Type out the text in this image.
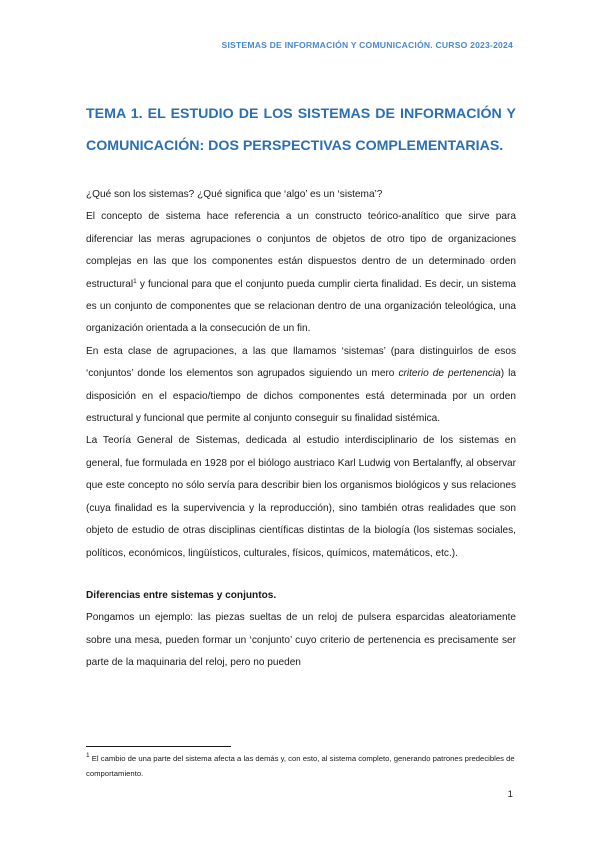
SISTEMAS DE INFORMACIÓN Y COMUNICACIÓN. CURSO 2023-2024
TEMA 1. EL ESTUDIO DE LOS SISTEMAS DE INFORMACIÓN Y COMUNICACIÓN: DOS PERSPECTIVAS COMPLEMENTARIAS.

¿Qué son los sistemas? ¿Qué significa que ‘algo’ es un ‘sistema’?

El concepto de sistema hace referencia a un constructo teórico-analítico que sirve para diferenciar las meras agrupaciones o conjuntos de objetos de otro tipo de organizaciones complejas en las que los componentes están dispuestos dentro de un determinado orden estructural$^1$ y funcional para que el conjunto pueda cumplir cierta finalidad. Es decir, un sistema es un conjunto de componentes que se relacionan dentro de una organización teleológica, una organización orientada a la consecución de un fin.

En esta clase de agrupaciones, a las que llamamos ‘sistemas’ (para distinguirlos de esos ‘conjuntos’ donde los elementos son agrupados siguiendo un mero criterio de pertenencia) la disposición en el espacio/tiempo de dichos componentes está determinada por un orden estructural y funcional que permite al conjunto conseguir su finalidad sistémica.

La Teoría General de Sistemas, dedicada al estudio interdisciplinario de los sistemas en general, fue formulada en 1928 por el biólogo austriaco Karl Ludwig von Bertalanffy, al observar que este concepto no sólo servía para describir bien los organismos biológicos y sus relaciones (cuya finalidad es la supervivencia y la reproducción), sino también otras realidades que son objeto de estudio de otras disciplinas científicas distintas de la biología (los sistemas sociales, políticos, económicos, lingüísticos, culturales, físicos, químicos, matemáticos, etc.).

Diferencias entre sistemas y conjuntos.

Pongamos un ejemplo: las piezas sueltas de un reloj de pulsera esparcidas aleatoriamente sobre una mesa, pueden formar un ‘conjunto’ cuyo criterio de pertenencia es precisamente ser parte de la maquinaria del reloj, pero no pueden

$^1$ El cambio de una parte del sistema afecta a las demás y, con esto, al sistema completo, generando patrones predecibles de comportamiento.

1
